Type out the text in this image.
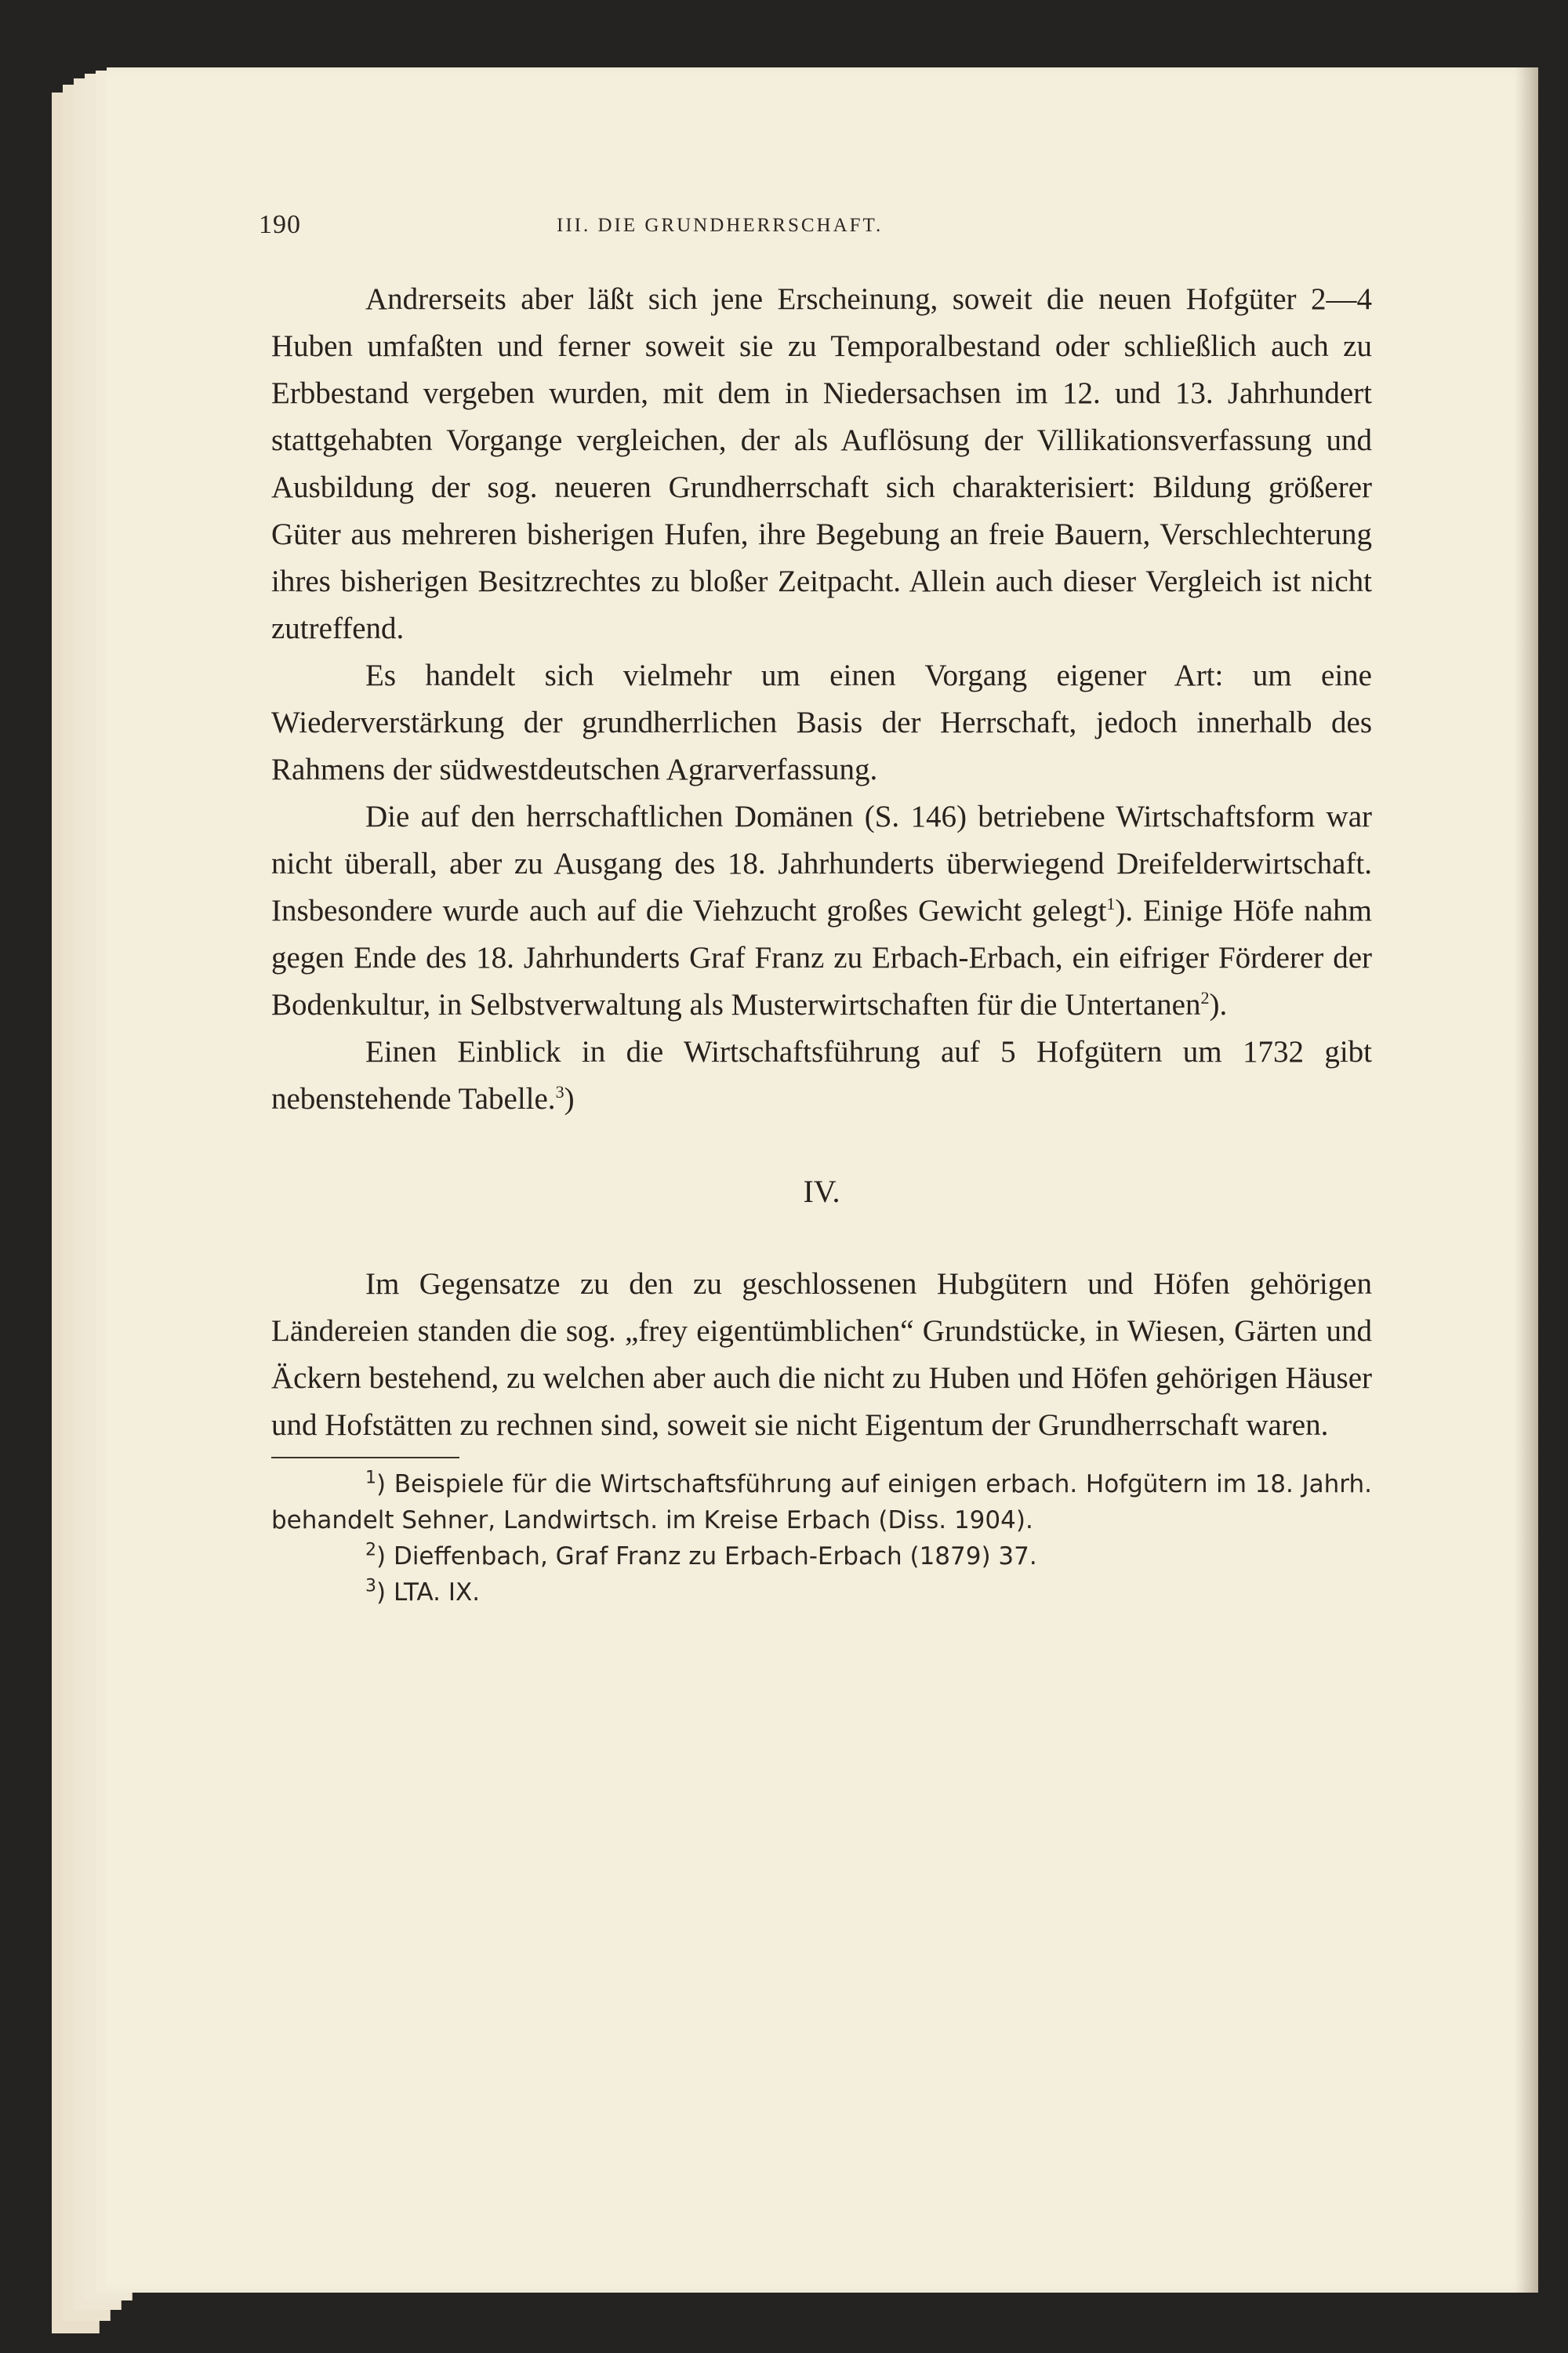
190	III. DIE GRUNDHERRSCHAFT.

Andrerseits aber läßt sich jene Erscheinung, soweit die neuen Hofgüter 2—4 Huben umfaßten und ferner soweit sie zu Temporalbestand oder schließlich auch zu Erbbestand vergeben wurden, mit dem in Niedersachsen im 12. und 13. Jahrhundert stattgehabten Vorgange vergleichen, der als Auflösung der Villikationsverfassung und Ausbildung der sog. neueren Grundherrschaft sich charakterisiert: Bildung größerer Güter aus mehreren bisherigen Hufen, ihre Begebung an freie Bauern, Verschlechterung ihres bisherigen Besitzrechtes zu bloßer Zeitpacht. Allein auch dieser Vergleich ist nicht zutreffend.

Es handelt sich vielmehr um einen Vorgang eigener Art: um eine Wiederverstärkung der grundherrlichen Basis der Herrschaft, jedoch innerhalb des Rahmens der südwestdeutschen Agrarverfassung.

Die auf den herrschaftlichen Domänen (S. 146) betriebene Wirtschaftsform war nicht überall, aber zu Ausgang des 18. Jahrhunderts überwiegend Dreifelderwirtschaft. Insbesondere wurde auch auf die Viehzucht großes Gewicht gelegt$^1$). Einige Höfe nahm gegen Ende des 18. Jahrhunderts Graf Franz zu Erbach-Erbach, ein eifriger Förderer der Bodenkultur, in Selbstverwaltung als Musterwirtschaften für die Untertanen$^2$).

Einen Einblick in die Wirtschaftsführung auf 5 Hofgütern um 1732 gibt nebenstehende Tabelle.$^3$)

IV.

Im Gegensatze zu den zu geschlossenen Hubgütern und Höfen gehörigen Ländereien standen die sog. „frey eigentümblichen“ Grundstücke, in Wiesen, Gärten und Äckern bestehend, zu welchen aber auch die nicht zu Huben und Höfen gehörigen Häuser und Hofstätten zu rechnen sind, soweit sie nicht Eigentum der Grundherrschaft waren.

$^1$) Beispiele für die Wirtschaftsführung auf einigen erbach. Hofgütern im 18. Jahrh. behandelt Sehner, Landwirtsch. im Kreise Erbach (Diss. 1904).

$^2$) Dieffenbach, Graf Franz zu Erbach-Erbach (1879) 37.

$^3$) LTA. IX.
